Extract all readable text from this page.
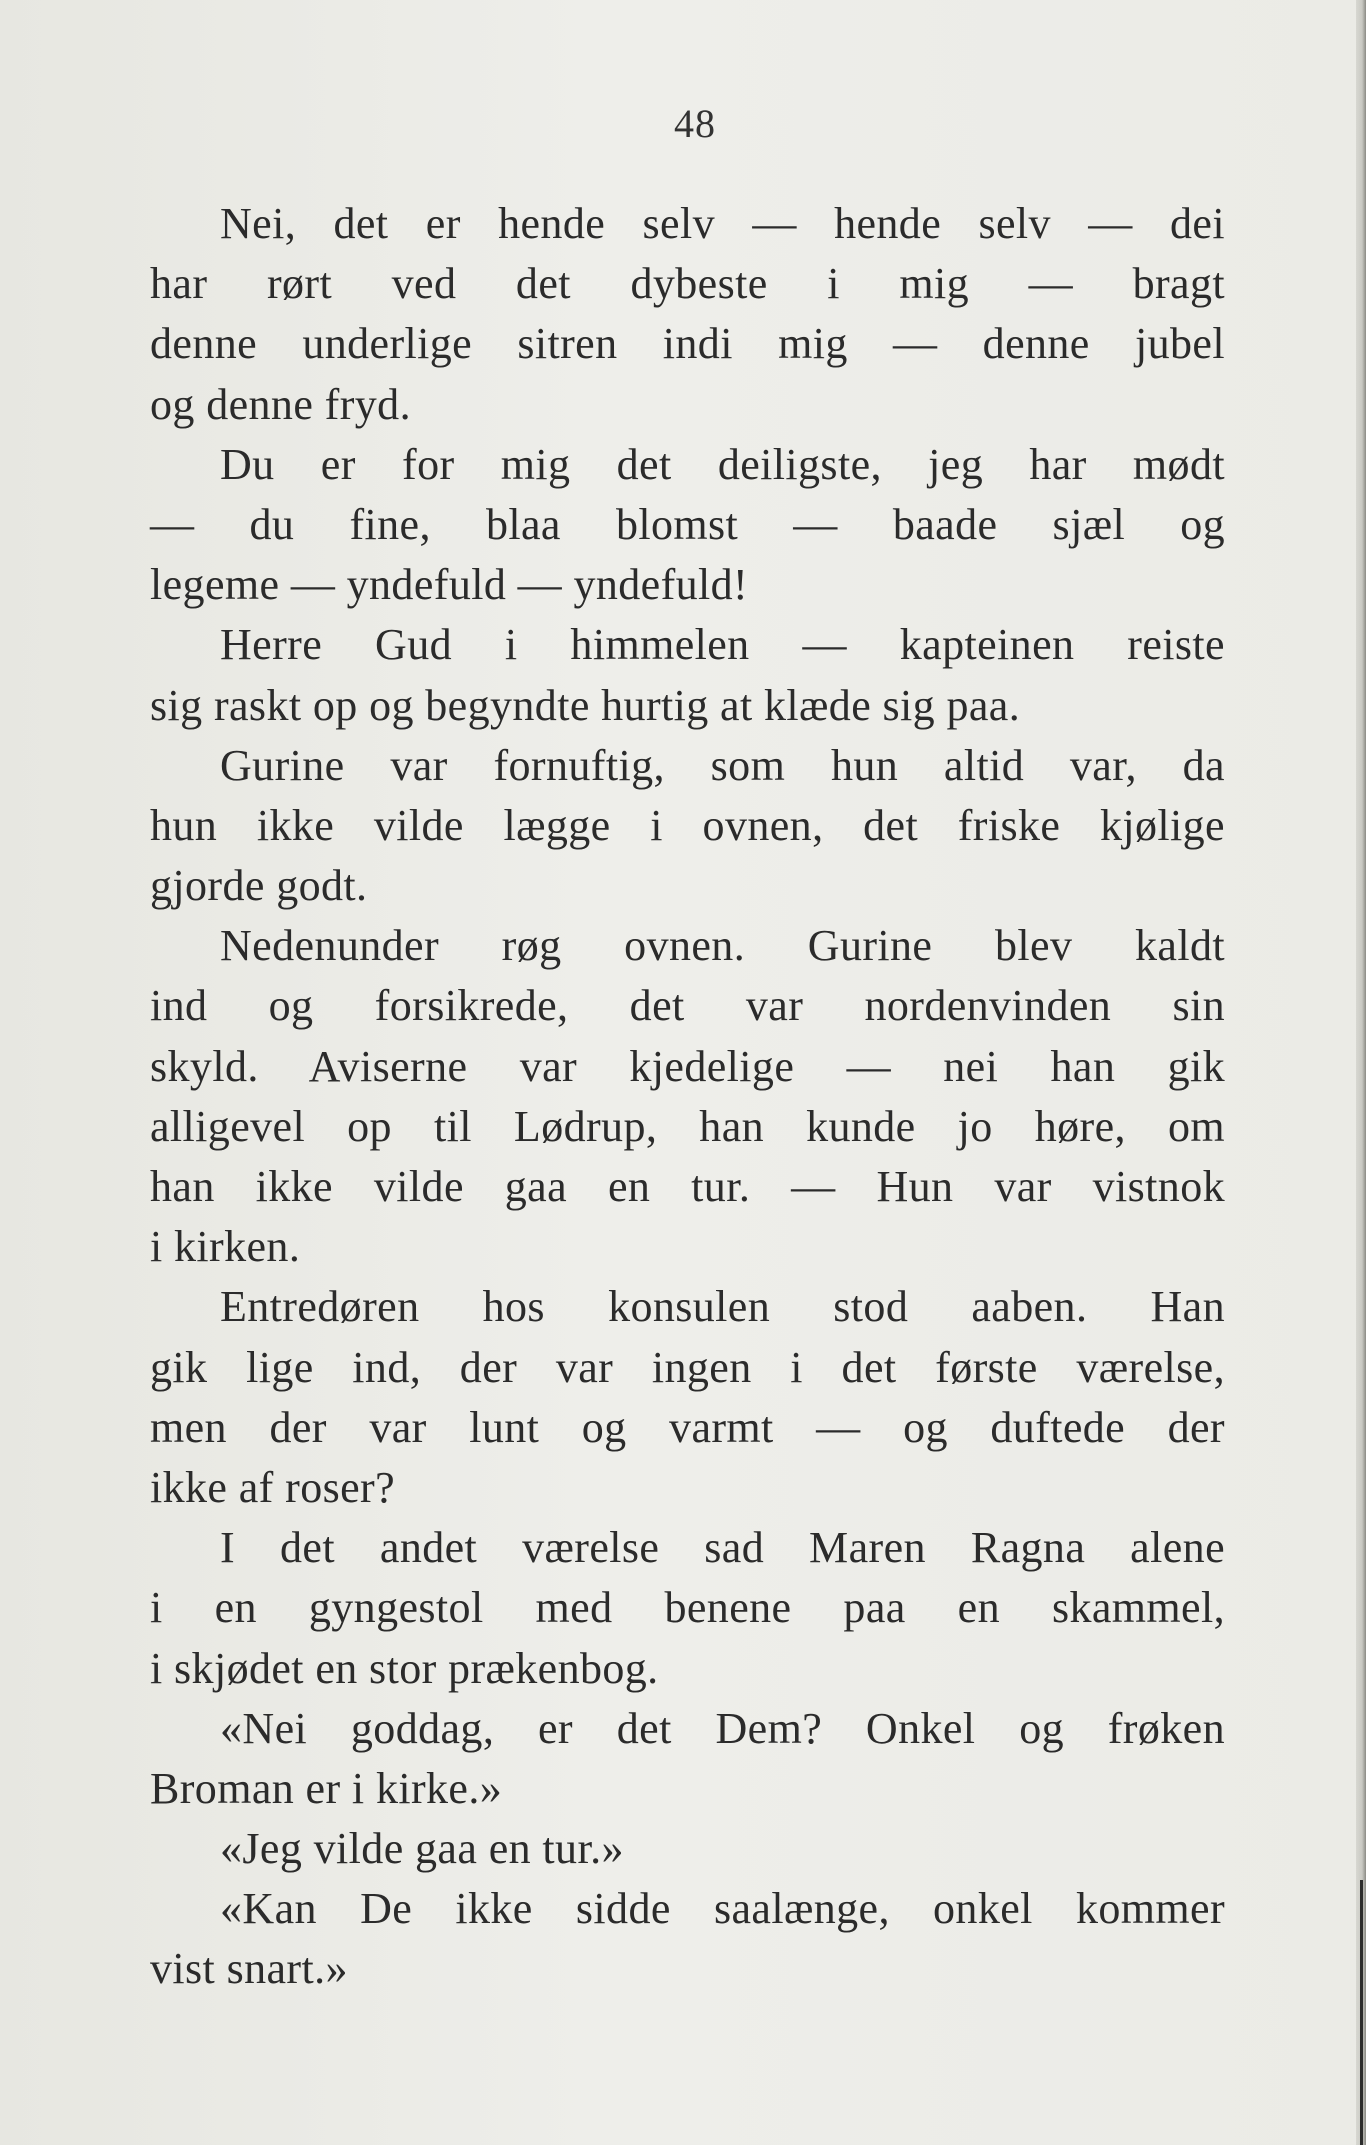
48
Nei, det er hende selv — hende selv — dei
har rørt ved det dybeste i mig — bragt
denne underlige sitren indi mig — denne jubel
og denne fryd.
Du er for mig det deiligste, jeg har mødt
— du fine, blaa blomst — baade sjæl og
legeme — yndefuld — yndefuld!
Herre Gud i himmelen — kapteinen reiste
sig raskt op og begyndte hurtig at klæde sig paa.
Gurine var fornuftig, som hun altid var, da
hun ikke vilde lægge i ovnen, det friske kjølige
gjorde godt.
Nedenunder røg ovnen. Gurine blev kaldt
ind og forsikrede, det var nordenvinden sin
skyld. Aviserne var kjedelige — nei han gik
alligevel op til Lødrup, han kunde jo høre, om
han ikke vilde gaa en tur. — Hun var vistnok
i kirken.
Entredøren hos konsulen stod aaben. Han
gik lige ind, der var ingen i det første værelse,
men der var lunt og varmt — og duftede der
ikke af roser?
I det andet værelse sad Maren Ragna alene
i en gyngestol med benene paa en skammel,
i skjødet en stor prækenbog.
«Nei goddag, er det Dem? Onkel og frøken
Broman er i kirke.»
«Jeg vilde gaa en tur.»
«Kan De ikke sidde saalænge, onkel kommer
vist snart.»
